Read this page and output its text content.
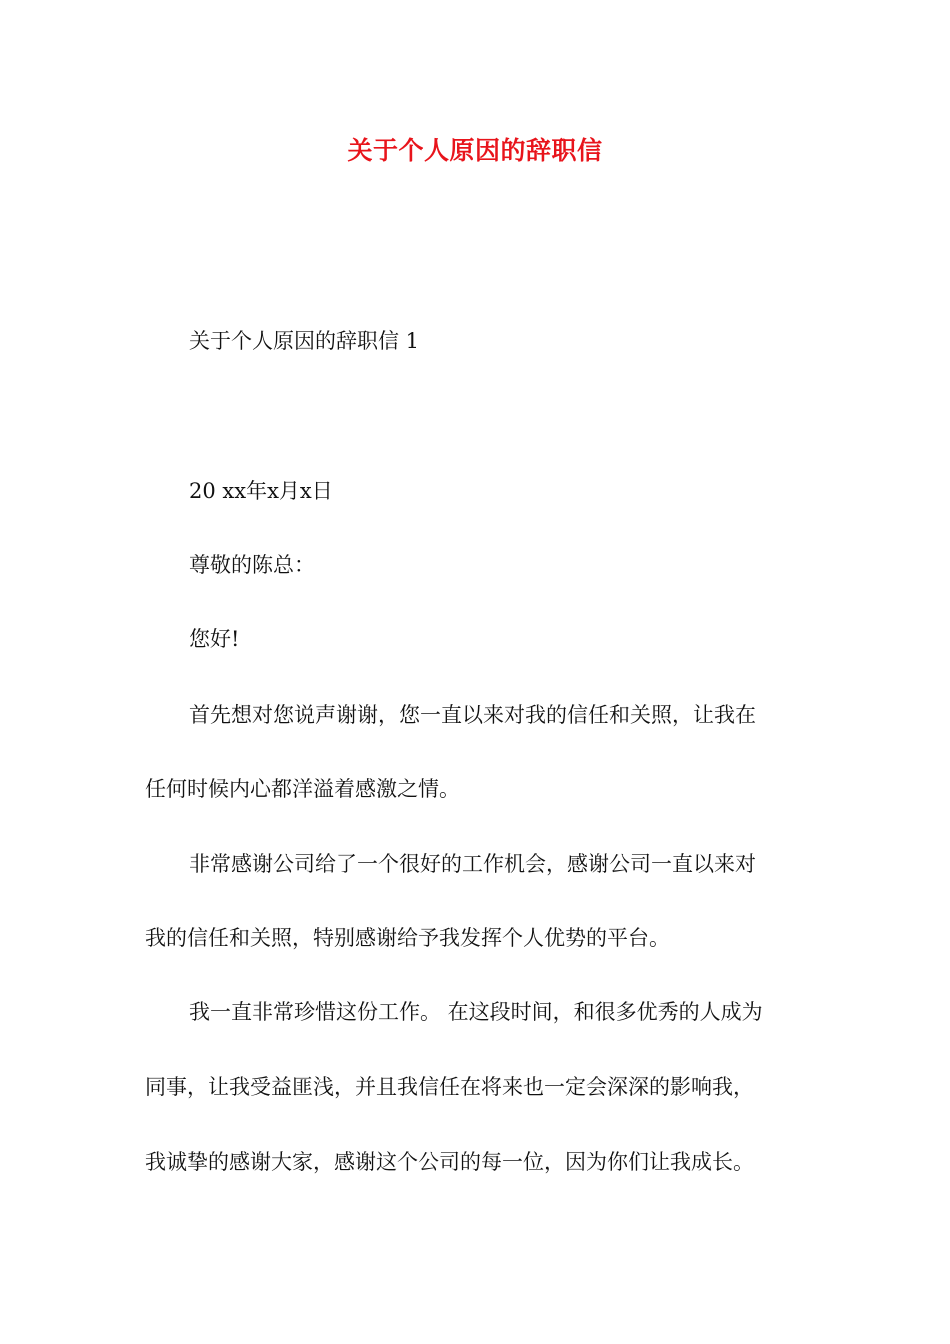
关于个人原因的辞职信
关于个人原因的辞职信 1
20 xx年x月x日
尊敬的陈总：
您好!
首先想对您说声谢谢，您一直以来对我的信任和关照，让我在
任何时候内心都洋溢着感激之情。
非常感谢公司给了一个很好的工作机会，感谢公司一直以来对
我的信任和关照，特别感谢给予我发挥个人优势的平台。
我一直非常珍惜这份工作。 在这段时间，和很多优秀的人成为
同事，让我受益匪浅，并且我信任在将来也一定会深深的影响我，
我诚挚的感谢大家，感谢这个公司的每一位，因为你们让我成长。
